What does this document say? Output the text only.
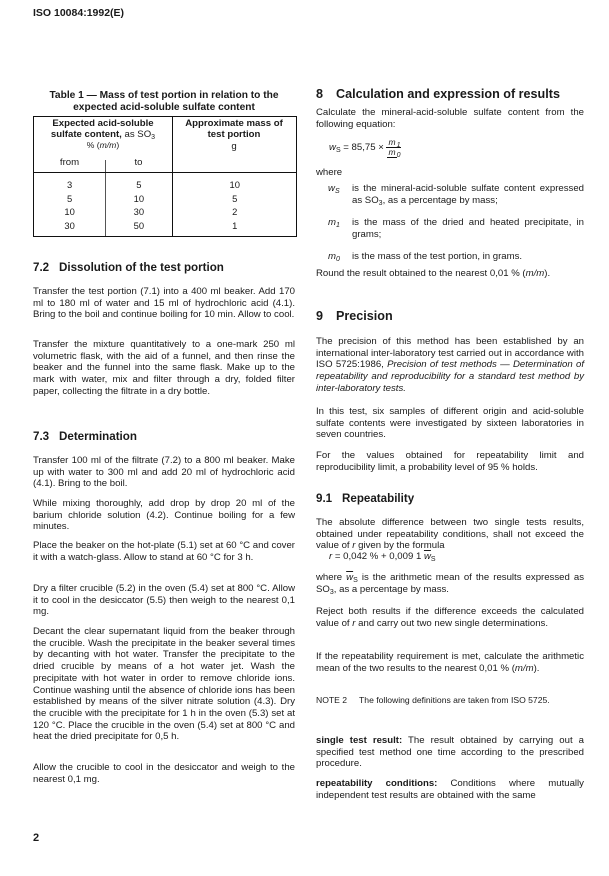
ISO 10084:1992(E)
Table 1 — Mass of test portion in relation to the
expected acid-soluble sulfate content
Expected acid-soluble
sulfate content, as $SO_3$
% (m/m)
from	to
Approximate mass of
test portion
g
3	5	10
5	10	5
10	30	2
30	50	1
7.2 Dissolution of the test portion

Transfer the test portion (7.1) into a 400 ml beaker. Add 170 ml to 180 ml of water and 15 ml of hydrochloric acid (4.1). Bring to the boil and continue boiling for 10 min. Allow to cool.

Transfer the mixture quantitatively to a one-mark 250 ml volumetric flask, with the aid of a funnel, and then rinse the beaker and the funnel into the same flask. Make up to the mark with water, mix and filter through a dry, folded filter paper, collecting the filtrate in a dry bottle.

7.3 Determination

Transfer 100 ml of the filtrate (7.2) to a 800 ml beaker. Make up with water to 300 ml and add 20 ml of hydrochloric acid (4.1). Bring to the boil.

While mixing thoroughly, add drop by drop 20 ml of the barium chloride solution (4.2). Continue boiling for a few minutes.

Place the beaker on the hot-plate (5.1) set at 60 °C and cover it with a watch-glass. Allow to stand at 60 °C for 3 h.

Dry a filter crucible (5.2) in the oven (5.4) set at 800 °C. Allow it to cool in the desiccator (5.5) then weigh to the nearest 0,1 mg.

Decant the clear supernatant liquid from the beaker through the crucible. Wash the precipitate in the beaker several times by decanting with hot water. Transfer the precipitate to the dried crucible by means of a hot water jet. Wash the precipitate with hot water in order to remove chloride ions. Continue washing until the absence of chloride ions has been established by means of the silver nitrate solution (4.3). Dry the crucible with the precipitate for 1 h in the oven (5.3) set at 120 °C. Place the crucible in the oven (5.4) set at 800 °C and heat the dried precipitate for 0,5 h.

Allow the crucible to cool in the desiccator and weigh to the nearest 0,1 mg.

2
8 Calculation and expression of results

Calculate the mineral-acid-soluble sulfate content from the following equation:

$w_S = 85,75 \times \frac{m_1}{m_0}$
where
$w_S$	is the mineral-acid-soluble sulfate content expressed as $SO_3$, as a percentage by mass;

$m_1$	is the mass of the dried and heated precipitate, in grams;

$m_0$	is the mass of the test portion, in grams.

Round the result obtained to the nearest 0,01 % (m/m).

9 Precision

The precision of this method has been established by an international inter-laboratory test carried out in accordance with ISO 5725:1986, Precision of test methods — Determination of repeatability and reproducibility for a standard test method by inter-laboratory tests.

In this test, six samples of different origin and acid-soluble sulfate contents were investigated by sixteen laboratories in seven countries.

For the values obtained for repeatability limit and reproducibility limit, a probability level of 95 % holds.

9.1 Repeatability

The absolute difference between two single tests results, obtained under repeatability conditions, shall not exceed the value of r given by the formula

r = 0,042 % + 0,009 1 $\overline{w}_S$

where $\overline{w}_S$ is the arithmetic mean of the results expressed as $SO_3$, as a percentage by mass.

Reject both results if the difference exceeds the calculated value of r and carry out two new single determinations.

If the repeatability requirement is met, calculate the arithmetic mean of the two results to the nearest 0,01 % (m/m).

NOTE 2 The following definitions are taken from ISO 5725.

single test result: The result obtained by carrying out a specified test method one time according to the prescribed procedure.

repeatability conditions: Conditions where mutually independent test results are obtained with the same
